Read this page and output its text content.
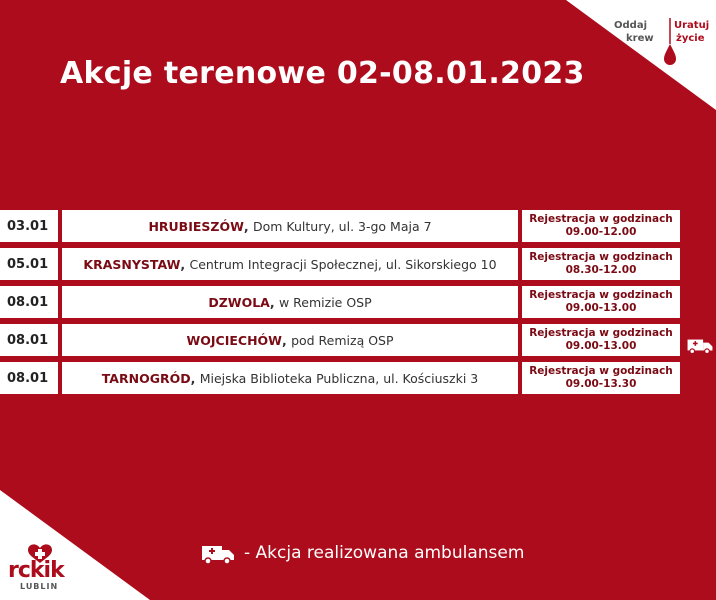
Oddaj	Uratuj
krew życie
Akcje terenowe 02-08.01.2023
03.01	HRUBIESZÓW , Dom Kultury, ul. 3-go Maja 7	Rejestracja w godzinach
09.00-12.00
05.01	KRASNYSTAW , Centrum Integracji Społecznej, ul. Sikorskiego 10	Rejestracja w godzinach
08.30-12.00
08.01	DZWOLA , w Remizie OSP	Rejestracja w godzinach
09.00-13.00
08.01	WOJCIECHÓW , pod Remizą OSP	Rejestracja w godzinach
09.00-13.00
08.01	TARNOGRÓD , Miejska Biblioteka Publiczna, ul. Kościuszki 3	Rejestracja w godzinach
09.00-13.30
- Akcja realizowana ambulansem
rckik
LUBLIN
